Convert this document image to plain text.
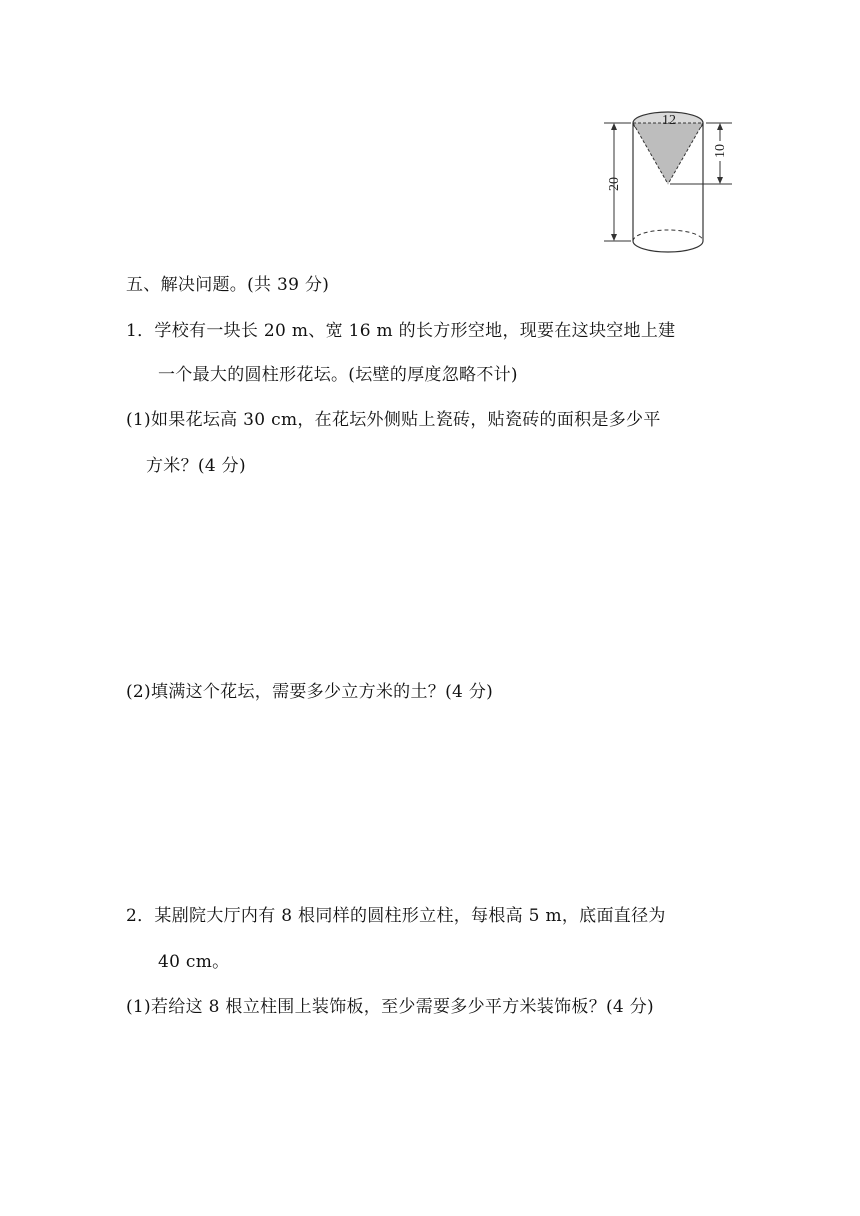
12
20
10
五、解决问题。(共 39 分)
1．学校有一块长 20 m、宽 16 m 的长方形空地，现要在这块空地上建
一个最大的圆柱形花坛。(坛壁的厚度忽略不计)
(1)如果花坛高 30 cm，在花坛外侧贴上瓷砖，贴瓷砖的面积是多少平
方米？(4 分)
(2)填满这个花坛，需要多少立方米的土？(4 分)
2．某剧院大厅内有 8 根同样的圆柱形立柱，每根高 5 m，底面直径为
40 cm。
(1)若给这 8 根立柱围上装饰板，至少需要多少平方米装饰板？(4 分)
